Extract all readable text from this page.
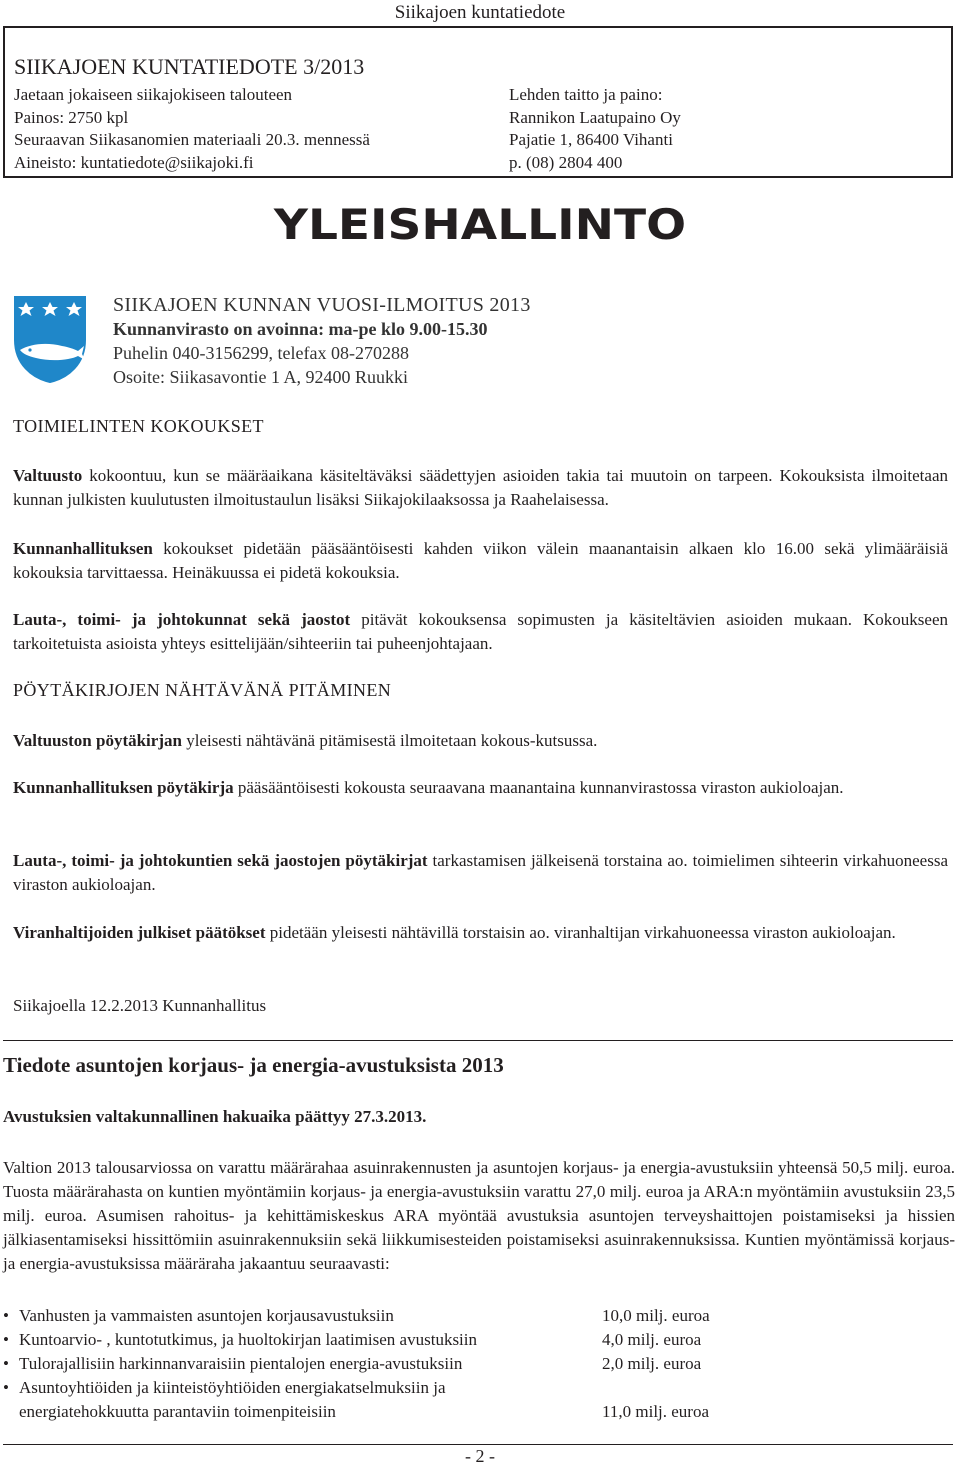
Siikajoen kuntatiedote
SIIKAJOEN KUNTATIEDOTE 3/2013
Jaetaan jokaiseen siikajokiseen talouteen
Painos: 2750 kpl
Seuraavan Siikasanomien materiaali 20.3. mennessä
Aineisto: kuntatiedote@siikajoki.fi
Lehden taitto ja paino:
Rannikon Laatupaino Oy
Pajatie 1, 86400 Vihanti
p. (08) 2804 400
YLEISHALLINTO
SIIKAJOEN KUNNAN VUOSI-ILMOITUS 2013
Kunnanvirasto on avoinna: ma-pe klo 9.00-15.30
Puhelin 040-3156299, telefax 08-270288
Osoite: Siikasavontie 1 A, 92400 Ruukki
TOIMIELINTEN KOKOUKSET

Valtuusto kokoontuu, kun se määräaikana käsiteltäväksi säädettyjen asioiden takia tai muutoin on tarpeen. Kokouksista ilmoitetaan kunnan julkisten kuulutusten ilmoitustaulun lisäksi Siikajokilaaksossa ja Raahelaisessa.

Kunnanhallituksen kokoukset pidetään pääsääntöisesti kahden viikon välein maanantaisin alkaen klo 16.00 sekä ylimääräisiä kokouksia tarvittaessa. Heinäkuussa ei pidetä kokouksia.

Lauta-, toimi- ja johtokunnat sekä jaostot pitävät kokouksensa sopimusten ja käsiteltävien asioiden mukaan. Kokoukseen tarkoitetuista asioista yhteys esittelijään/sihteeriin tai puheenjohtajaan.

PÖYTÄKIRJOJEN NÄHTÄVÄNÄ PITÄMINEN

Valtuuston pöytäkirjan yleisesti nähtävänä pitämisestä ilmoitetaan kokous-kutsussa.

Kunnanhallituksen pöytäkirja pääsääntöisesti kokousta seuraavana maanantaina kunnanvirastossa viraston aukioloajan.

Lauta-, toimi- ja johtokuntien sekä jaostojen pöytäkirjat tarkastamisen jälkeisenä torstaina ao. toimielimen sihteerin virkahuoneessa viraston aukioloajan.

Viranhaltijoiden julkiset päätökset pidetään yleisesti nähtävillä torstaisin ao. viranhaltijan virkahuoneessa viraston aukioloajan.

Siikajoella 12.2.2013 Kunnanhallitus

Tiedote asuntojen korjaus- ja energia-avustuksista 2013
Avustuksien valtakunnallinen hakuaika päättyy 27.3.2013.

Valtion 2013 talousarviossa on varattu määrärahaa asuinrakennusten ja asuntojen korjaus- ja energia-avustuksiin yhteensä 50,5 milj. euroa. Tuosta määrärahasta on kuntien myöntämiin korjaus- ja energia-avustuksiin varattu 27,0 milj. euroa ja ARA:n myöntämiin avustuksiin 23,5 milj. euroa. Asumisen rahoitus- ja kehittämiskeskus ARA myöntää avustuksia asuntojen terveyshaittojen poistamiseksi ja hissien jälkiasentamiseksi hissittömiin asuinrakennuksiin sekä liikkumisesteiden poistamiseksi asuinrakennuksissa. Kuntien myöntämissä korjaus- ja energia-avustuksissa määräraha jakaantuu seuraavasti:

• Vanhusten ja vammaisten asuntojen korjausavustuksiin	10,0 milj. euroa
• Kuntoarvio- , kuntotutkimus, ja huoltokirjan laatimisen avustuksiin	4,0 milj. euroa
• Tulorajallisiin harkinnanvaraisiin pientalojen energia-avustuksiin	2,0 milj. euroa
• Asuntoyhtiöiden ja kiinteistöyhtiöiden energiakatselmuksiin ja energiatehokkuutta parantaviin toimenpiteisiin	11,0 milj. euroa
- 2 -
